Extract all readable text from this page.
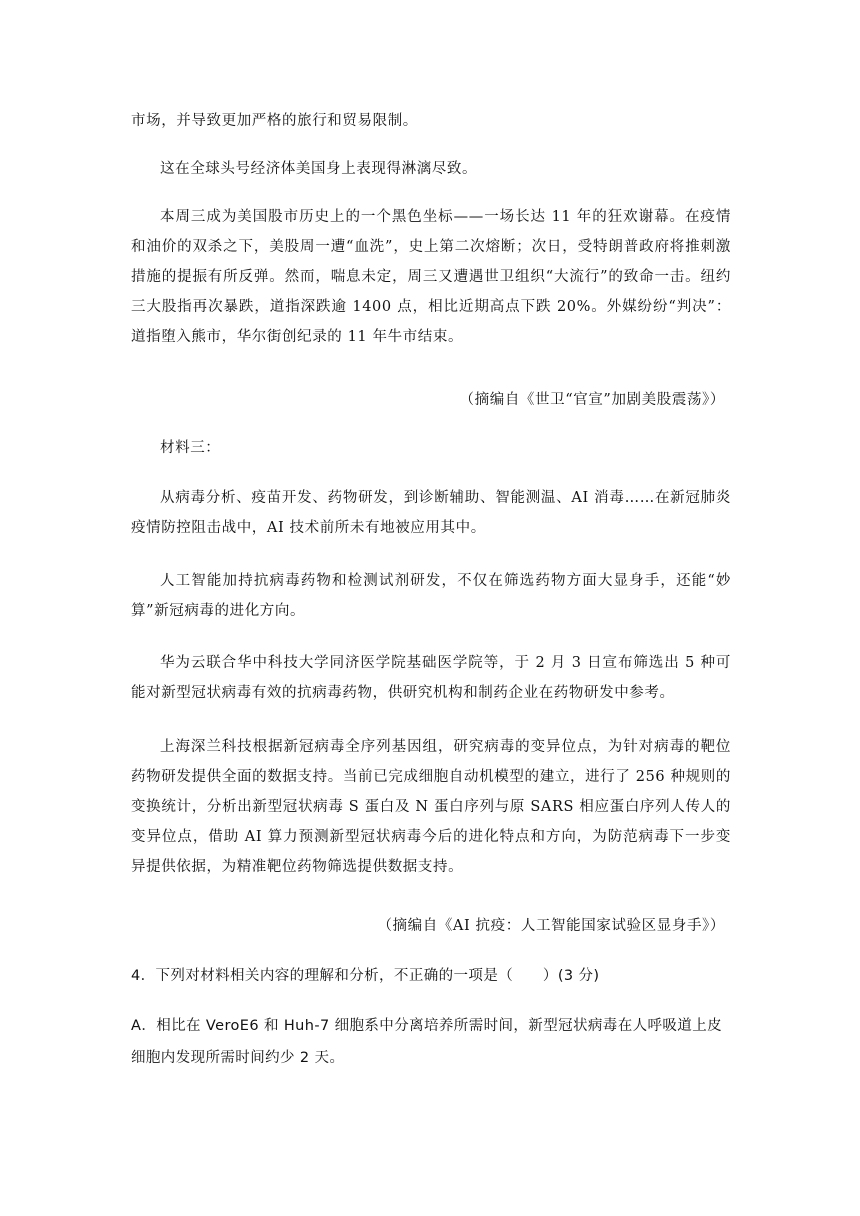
市场，并导致更加严格的旅行和贸易限制。

这在全球头号经济体美国身上表现得淋漓尽致。

本周三成为美国股市历史上的一个黑色坐标——一场长达 11 年的狂欢谢幕。在疫情和油价的双杀之下，美股周一遭“血洗”，史上第二次熔断；次日，受特朗普政府将推刺激措施的提振有所反弹。然而，喘息未定，周三又遭遇世卫组织“大流行”的致命一击。纽约三大股指再次暴跌，道指深跌逾 1400 点，相比近期高点下跌 20%。外媒纷纷“判决”：道指堕入熊市，华尔街创纪录的 11 年牛市结束。

（摘编自《世卫“官宣”加剧美股震荡》）

材料三：

从病毒分析、疫苗开发、药物研发，到诊断辅助、智能测温、AI 消毒……在新冠肺炎疫情防控阻击战中，AI 技术前所未有地被应用其中。

人工智能加持抗病毒药物和检测试剂研发，不仅在筛选药物方面大显身手，还能“妙算”新冠病毒的进化方向。

华为云联合华中科技大学同济医学院基础医学院等，于 2 月 3 日宣布筛选出 5 种可能对新型冠状病毒有效的抗病毒药物，供研究机构和制药企业在药物研发中参考。

上海深兰科技根据新冠病毒全序列基因组，研究病毒的变异位点，为针对病毒的靶位药物研发提供全面的数据支持。当前已完成细胞自动机模型的建立，进行了 256 种规则的变换统计，分析出新型冠状病毒 S 蛋白及 N 蛋白序列与原 SARS 相应蛋白序列人传人的变异位点，借助 AI 算力预测新型冠状病毒今后的进化特点和方向，为防范病毒下一步变异提供依据，为精准靶位药物筛选提供数据支持。

（摘编自《AI 抗疫：人工智能国家试验区显身手》）

4．下列对材料相关内容的理解和分析，不正确的一项是（　　）(3 分)

A．相比在 VeroE6 和 Huh-7 细胞系中分离培养所需时间，新型冠状病毒在人呼吸道上皮细胞内发现所需时间约少 2 天。
